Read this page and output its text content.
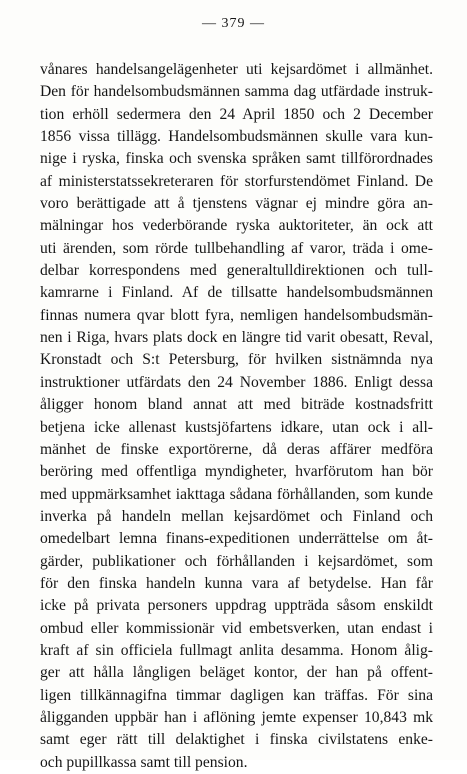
— 379 —
vånares handelsangelägenheter uti kejsardömet i allmänhet.
Den för handelsombudsmännen samma dag utfärdade instruk-
tion erhöll sedermera den 24 April 1850 och 2 December
1856 vissa tillägg. Handelsombudsmännen skulle vara kun-
nige i ryska, finska och svenska språken samt tillförordnades
af ministerstatssekreteraren för storfurstendömet Finland. De
voro berättigade att å tjenstens vägnar ej mindre göra an-
mälningar hos vederbörande ryska auktoriteter, än ock att
uti ärenden, som rörde tullbehandling af varor, träda i ome-
delbar korrespondens med generaltulldirektionen och tull-
kamrarne i Finland. Af de tillsatte handelsombudsmännen
finnas numera qvar blott fyra, nemligen handelsombudsmän-
nen i Riga, hvars plats dock en längre tid varit obesatt, Reval,
Kronstadt och S:t Petersburg, för hvilken sistnämnda nya
instruktioner utfärdats den 24 November 1886. Enligt dessa
åligger honom bland annat att med biträde kostnadsfritt
betjena icke allenast kustsjöfartens idkare, utan ock i all-
mänhet de finske exportörerne, då deras affärer medföra
beröring med offentliga myndigheter, hvarförutom han bör
med uppmärksamhet iakttaga sådana förhållanden, som kunde
inverka på handeln mellan kejsardömet och Finland och
omedelbart lemna finans-expeditionen underrättelse om åt-
gärder, publikationer och förhållanden i kejsardömet, som
för den finska handeln kunna vara af betydelse. Han får
icke på privata personers uppdrag uppträda såsom enskildt
ombud eller kommissionär vid embetsverken, utan endast i
kraft af sin officiela fullmagt anlita desamma. Honom ålig-
ger att hålla långligen beläget kontor, der han på offent-
ligen tillkännagifna timmar dagligen kan träffas. För sina
åligganden uppbär han i aflöning jemte expenser 10,843 mk
samt eger rätt till delaktighet i finska civilstatens enke-
och pupillkassa samt till pension.
